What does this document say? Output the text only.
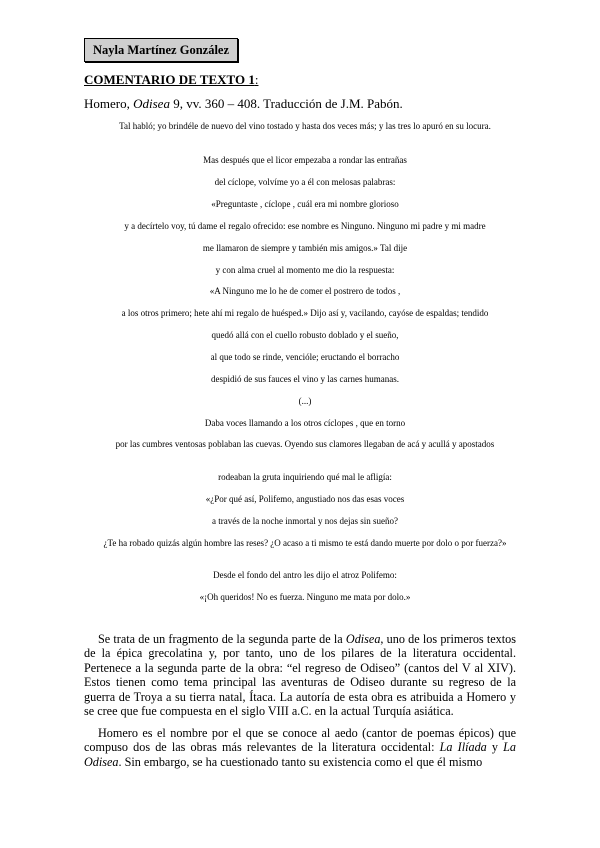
Nayla Martínez González
COMENTARIO DE TEXTO 1:
Homero, Odisea 9, vv. 360 – 408. Traducción de J.M. Pabón.
Tal habló; yo brindéle de nuevo del vino tostado y hasta dos veces más; y las tres lo apuró en su locura.
Mas después que el licor empezaba a rondar las entrañas
del cíclope, volvíme yo a él con melosas palabras:
«Preguntaste , cíclope , cuál era mi nombre glorioso
y a decírtelo voy, tú dame el regalo ofrecido: ese nombre es Ninguno. Ninguno mi padre y mi madre
me llamaron de siempre y también mis amigos.» Tal dije
y con alma cruel al momento me dio la respuesta:
«A Ninguno me lo he de comer el postrero de todos ,
a los otros primero; hete ahí mi regalo de huésped.» Dijo así y, vacilando, cayóse de espaldas; tendido
quedó allá con el cuello robusto doblado y el sueño,
al que todo se rinde, vencióle; eructando el borracho
despidió de sus fauces el vino y las carnes humanas.
(...)
Daba voces llamando a los otros cíclopes , que en torno
por las cumbres ventosas poblaban las cuevas. Oyendo sus clamores llegaban de acá y acullá y apostados
rodeaban la gruta inquiriendo qué mal le afligía:
«¿Por qué así, Polifemo, angustiado nos das esas voces
a través de la noche inmortal y nos dejas sin sueño?
¿Te ha robado quizás algún hombre las reses? ¿O acaso a ti mismo te está dando muerte por dolo o por fuerza?»
Desde el fondo del antro les dijo el atroz Polifemo:
«¡Oh queridos! No es fuerza. Ninguno me mata por dolo.»

Se trata de un fragmento de la segunda parte de la Odisea, uno de los primeros textos de la épica grecolatina y, por tanto, uno de los pilares de la literatura occidental. Pertenece a la segunda parte de la obra: “el regreso de Odiseo” (cantos del V al XIV). Estos tienen como tema principal las aventuras de Odiseo durante su regreso de la guerra de Troya a su tierra natal, Ítaca. La autoría de esta obra es atribuida a Homero y se cree que fue compuesta en el siglo VIII a.C. en la actual Turquía asiática.

Homero es el nombre por el que se conoce al aedo (cantor de poemas épicos) que compuso dos de las obras más relevantes de la literatura occidental: La Ilíada y La Odisea. Sin embargo, se ha cuestionado tanto su existencia como el que él mismo
